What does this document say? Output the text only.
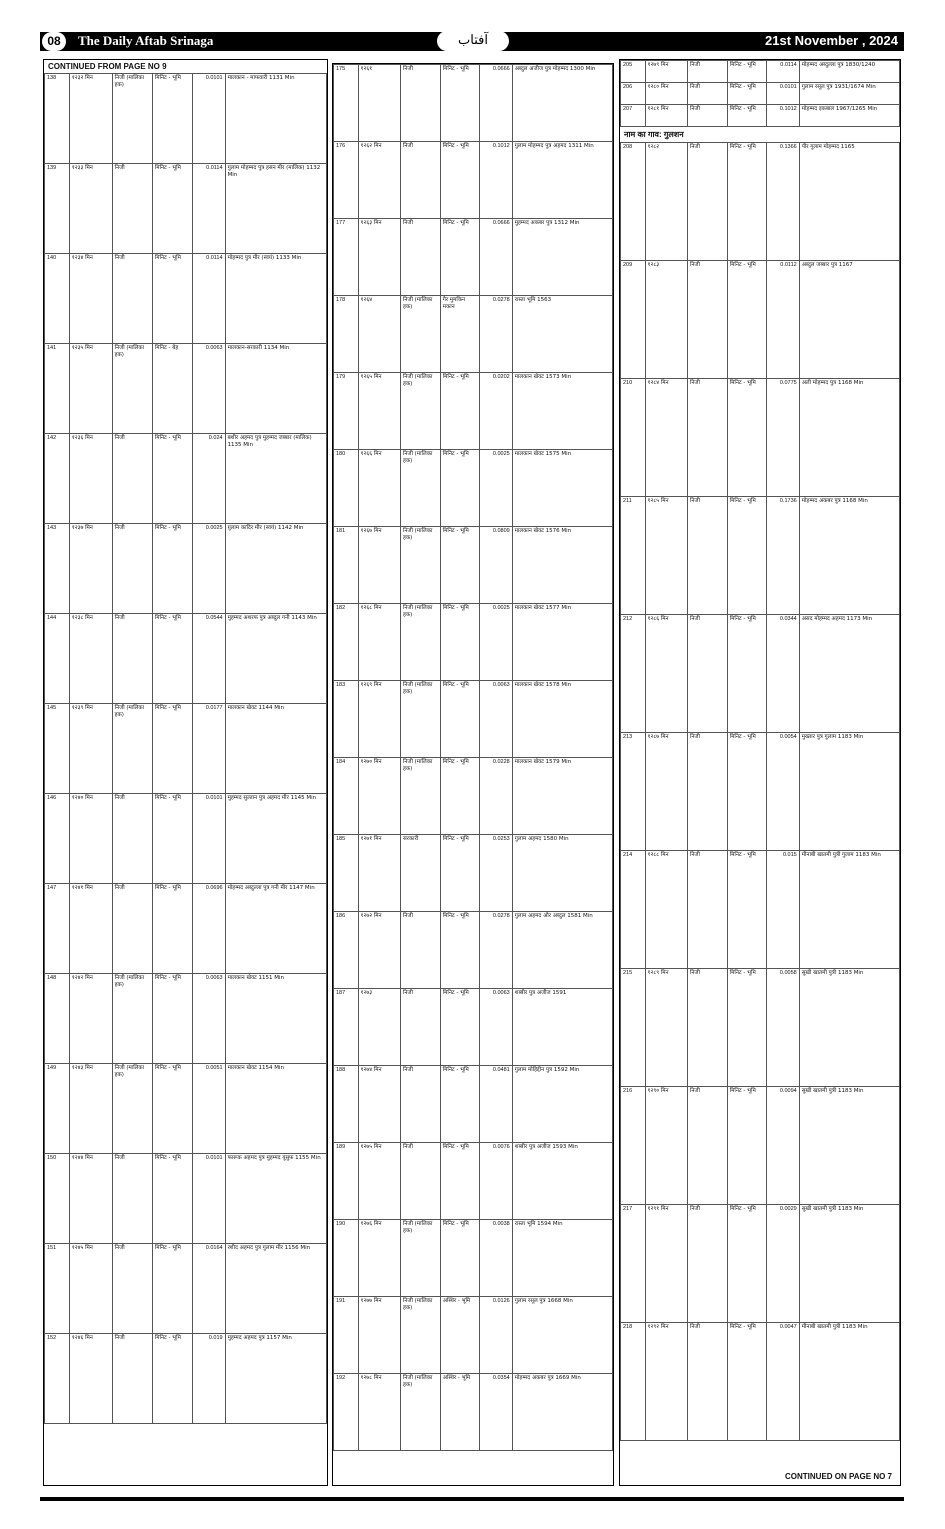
08	The Daily Aftab Srinaga	آفتاب	21st November , 2024
CONTINUED FROM PAGE NO 9
138	१२३२ मिन	निजी (मालिका हक)	मिनिट - भूमि	0.0101	मालकान - माफवारी 1131 Min
139	१२३३ मिन	निजी	मिनिट - भूमि	0.0114	गुलाम मोहम्मद पुत्र हसन मीर (मालिक) 1132 Min
140	१२३४ मिन	निजी	मिनिट - भूमि	0.0114	मोहम्मद पुत्र मीर (स्वयं) 1133 Min
141	१२३५ मिन	निजी (मालिका हक)	मिनिट - बेह	0.0063	मालकान-सरकारी 1134 Min
142	१२३६ मिन	निजी	मिनिट - भूमि	0.024	बशीर अहमद पुत्र मुहम्मद जब्बार (मालिक) 1135 Min
143	१२३७ मिन	निजी	मिनिट - भूमि	0.0025	ग़ुलाम कादिर मीर (स्वयं) 1142 Min
144	१२३८ मिन	निजी	मिनिट - भूमि	0.0544	मुहम्मद अशरफ पुत्र अब्दुल गनी 1143 Min
145	१२३९ मिन	निजी (मालिका हक)	मिनिट - भूमि	0.0177	मालकान खेवट 1144 Min
146	१२४० मिन	निजी	मिनिट - भूमि	0.0101	मुहम्मद सुल्तान पुत्र अहमद मीर 1145 Min
147	१२४१ मिन	निजी	मिनिट - भूमि	0.0696	मोहम्मद अब्दुल्ला पुत्र गनी मीर 1147 Min
148	१२४२ मिन	निजी (मालिका हक)	मिनिट - भूमि	0.0063	मालकान खेवट 1151 Min
149	१२४३ मिन	निजी (मालिका हक)	मिनिट - भूमि	0.0051	मालकान खेवट 1154 Min
150	१२४४ मिन	निजी	मिनिट - भूमि	0.0101	फारूक अहमद पुत्र मुहम्मद यूसुफ 1155 Min
151	१२४५ मिन	निजी	मिनिट - भूमि	0.0164	रशीद अहमद पुत्र गुलाम मीर 1156 Min
152	१२४६ मिन	निजी	मिनिट - भूमि	0.019	मुहम्मद अहमद पुत्र 1157 Min
175	१२६१	निजी	मिनिट - भूमि	0.0666	अब्दुल अजीज पुत्र मोहम्मद 1300 Min
176	१२६२ मिन	निजी	मिनिट - भूमि	0.1012	गुलाम मोहम्मद पुत्र अहमद 1311 Min
177	१२६३ मिन	निजी	मिनिट - भूमि	0.0666	मुहम्मद अकबर पुत्र 1312 Min
178	१२६४	निजी (मालिका हक)	गैर मुमकिन मकान	0.0278	रास्ता भूमि 1563
179	१२६५ मिन	निजी (मालिका हक)	मिनिट - भूमि	0.0202	मालकान खेवट 1573 Min
180	१२६६ मिन	निजी (मालिका हक)	मिनिट - भूमि	0.0025	मालकान खेवट 1575 Min
181	१२६७ मिन	निजी (मालिका हक)	मिनिट - भूमि	0.0809	मालकान खेवट 1576 Min
182	१२६८ मिन	निजी (मालिका हक)	मिनिट - भूमि	0.0025	मालकान खेवट 1577 Min
183	१२६९ मिन	निजी (मालिका हक)	मिनिट - भूमि	0.0063	मालकान खेवट 1578 Min
184	१२७० मिन	निजी (मालिका हक)	मिनिट - भूमि	0.0228	मालकान खेवट 1579 Min
185	१२७१ मिन	सरकारी	मिनिट - भूमि	0.0253	गुलाम अहमद 1580 Min
186	१२७२ मिन	निजी	मिनिट - भूमि	0.0278	गुलाम अहमद और अब्दुल 1581 Min
187	१२७३	निजी	मिनिट - भूमि	0.0063	शब्बीर पुत्र अजीज 1591
188	१२७४ मिन	निजी	मिनिट - भूमि	0.0481	गुलाम मोहिद्दीन पुत्र 1592 Min
189	१२७५ मिन	निजी	मिनिट - भूमि	0.0076	शब्बीर पुत्र अजीज 1593 Min
190	१२७६ मिन	निजी (मालिका हक)	मिनिट - भूमि	0.0038	रास्ता भूमि 1594 Min
191	१२७७ मिन	निजी (मालिका हक)	अस्थिर - भूमि	0.0126	गुलाम रसूल पुत्र 1668 Min
192	१२७८ मिन	निजी (मालिका हक)	अस्थिर - भूमि	0.0354	मोहम्मद अकबर पुत्र 1669 Min
205	१२७९ मिन	निजी	मिनिट - भूमि	0.0114	मोहम्मद अब्दुल्ला पुत्र 1830/1240
206	१२८० मिन	निजी	मिनिट - भूमि	0.0101	गुलाम रसूल पुत्र 1931/1674 Min
207	१२८१ मिन	निजी	मिनिट - भूमि	0.1012	मोहम्मद इकबाल 1967/1265 Min
नाम का गाव: गुलशन
208	१२८२	निजी	मिनिट - भूमि	0.1366	पीर गुलाम मोहम्मद 1165
209	१२८३	निजी	मिनिट - भूमि	0.0112	अब्दुल जब्बार पुत्र 1167
210	१२८४ मिन	निजी	मिनिट - भूमि	0.0775	अली मोहम्मद पुत्र 1168 Min
211	१२८५ मिन	निजी	मिनिट - भूमि	0.1736	मोहम्मद अकबर पुत्र 1168 Min
212	१२८६ मिन	निजी	मिनिट - भूमि	0.0344	असद मोहम्मद अहमद 1173 Min
213	१२८७ मिन	निजी	मिनिट - भूमि	0.0054	मुख्तार पुत्र गुलाम 1183 Min
214	१२८८ मिन	निजी	मिनिट - भूमि	0.015	मीनाबी खातमी पुत्री गुलाम 1183 Min
215	१२८९ मिन	निजी	मिनिट - भूमि	0.0058	सुखी खातमी पुत्री 1183 Min
216	१२९० मिन	निजी	मिनिट - भूमि	0.0094	सुखी खातमी पुत्री 1183 Min
217	१२९१ मिन	निजी	मिनिट - भूमि	0.0029	सुखी खातमी पुत्री 1183 Min
218	१२९२ मिन	निजी	मिनिट - भूमि	0.0047	मीनाबी खातमी पुत्री 1183 Min
CONTINUED ON PAGE NO 7
